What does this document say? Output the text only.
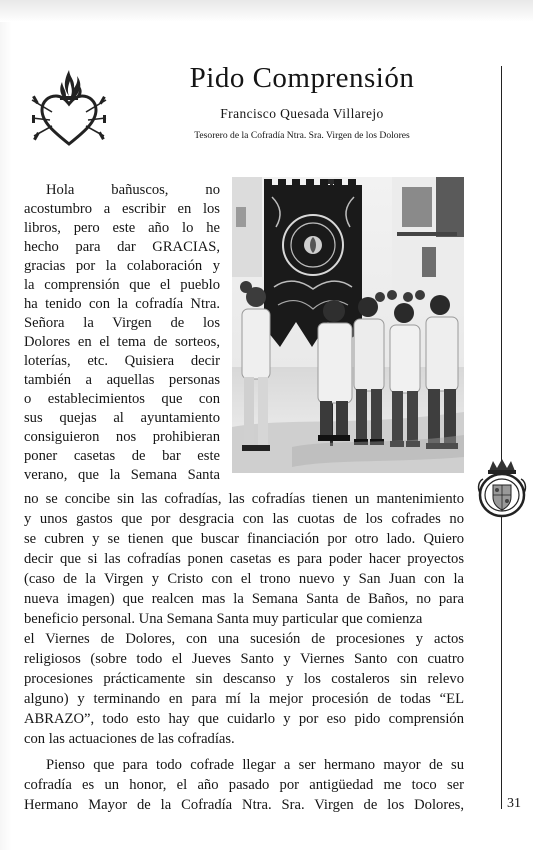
Pido Comprensión
Francisco Quesada Villarejo
Tesorero de la Cofradía Ntra. Sra. Virgen de los Dolores
31

Hola bañuscos, no

acostumbro a escribir en los

libros, pero este año lo he

hecho para dar GRACIAS,

gracias por la colaboración y

la comprensión que el pueblo

ha tenido con la cofradía Ntra.

Señora la Virgen de los

Dolores en el tema de sorteos,

loterías, etc. Quisiera decir

también a aquellas personas

o establecimientos que con

sus quejas al ayuntamiento

consiguieron nos prohibieran

poner casetas de bar este

verano, que la Semana Santa

no se concibe sin las cofradías, las cofradías tienen un mantenimiento

y unos gastos que por desgracia con las cuotas de los cofrades no

se cubren y se tienen que buscar financiación por otro lado. Quiero

decir que si las cofradías ponen casetas es para poder hacer proyectos

(caso de la Virgen y Cristo con el trono nuevo y San Juan con la

nueva imagen) que realcen mas la Semana Santa de Baños, no para

beneficio personal. Una Semana Santa muy particular que comienza

el Viernes de Dolores, con una sucesión de procesiones y actos

religiosos (sobre todo el Jueves Santo y Viernes Santo con cuatro

procesiones prácticamente sin descanso y los costaleros sin relevo

alguno) y terminando en para mí la mejor procesión de todas “EL

ABRAZO”, todo esto hay que cuidarlo y por eso pido comprensión

con las actuaciones de las cofradías.

Pienso que para todo cofrade llegar a ser hermano mayor de su

cofradía es un honor, el año pasado por antigüedad me toco ser

Hermano Mayor de la Cofradía Ntra. Sra. Virgen de los Dolores,
